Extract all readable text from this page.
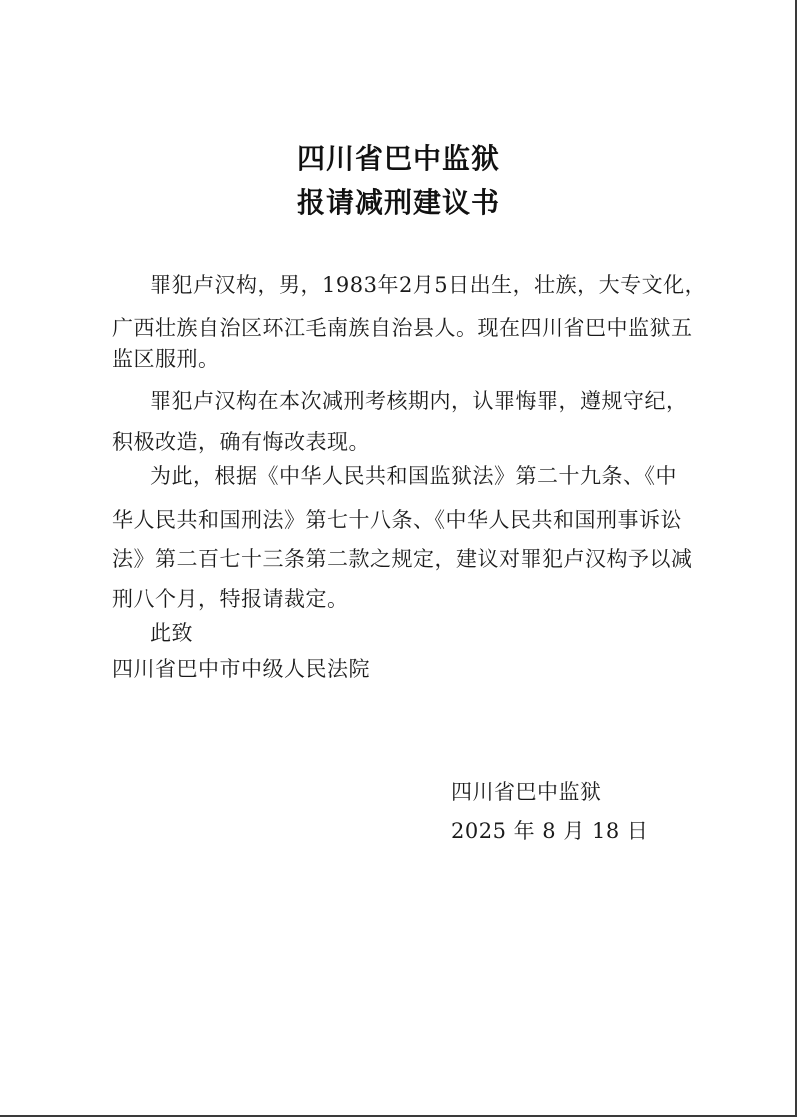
四川省巴中监狱
报请减刑建议书
罪犯卢汉构，男，1983年2月5日出生，壮族，大专文化，
广西壮族自治区环江毛南族自治县人。现在四川省巴中监狱五
监区服刑。
罪犯卢汉构在本次减刑考核期内，认罪悔罪，遵规守纪，
积极改造，确有悔改表现。
为此，根据《中华人民共和国监狱法》第二十九条、《中
华人民共和国刑法》第七十八条、《中华人民共和国刑事诉讼
法》第二百七十三条第二款之规定，建议对罪犯卢汉构予以减
刑八个月，特报请裁定。
此致
四川省巴中市中级人民法院
四川省巴中监狱
2025 年 8 月 18 日
